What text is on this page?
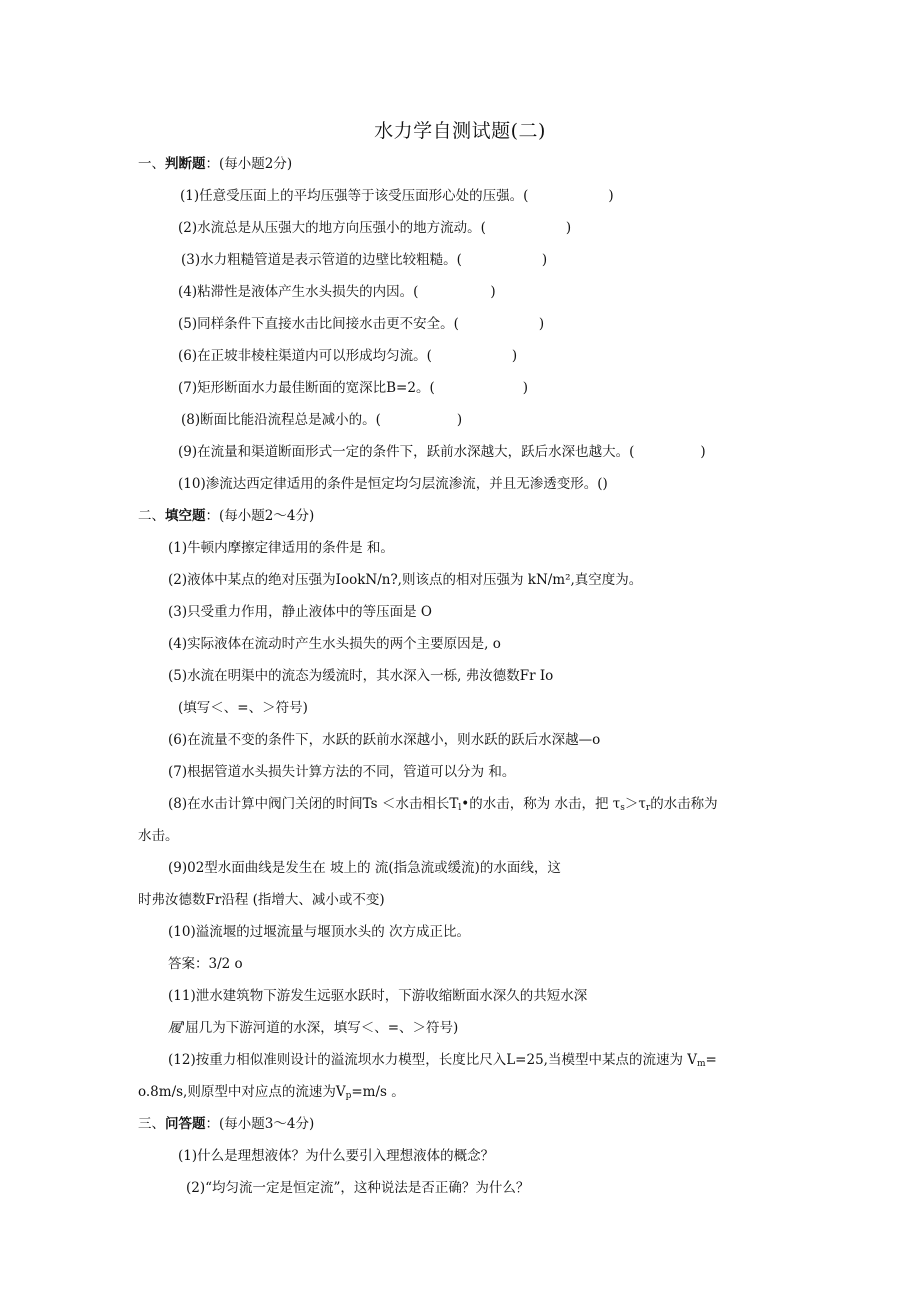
水力学自测试题(二)
一、判断题：(每小题2分)
(1)任意受压面上的平均压强等于该受压面形心处的压强。(	)
(2)水流总是从压强大的地方向压强小的地方流动。(	)
(3)水力粗糙管道是表示管道的边壁比较粗糙。(	)
(4)粘滞性是液体产生水头损失的内因。(	)
(5)同样条件下直接水击比间接水击更不安全。(	)
(6)在正坡非棱柱渠道内可以形成均匀流。(	)
(7)矩形断面水力最佳断面的宽深比B=2。(	)
(8)断面比能沿流程总是减小的。(	)
(9)在流量和渠道断面形式一定的条件下，跃前水深越大，跃后水深也越大。(	)
(10)渗流达西定律适用的条件是恒定均匀层流渗流，并且无渗透变形。()
二、填空题：(每小题2～4分)
(1)牛顿内摩擦定律适用的条件是 和。
(2)液体中某点的绝对压强为IookN/n?,则该点的相对压强为 kN/m²,真空度为。
(3)只受重力作用，静止液体中的等压面是 O
(4)实际液体在流动时产生水头损失的两个主要原因是, o
(5)水流在明渠中的流态为缓流时，其水深入一栎, 弗汝德数Fr Io
(填写＜、=、＞符号)
(6)在流量不变的条件下，水跃的跃前水深越小，则水跃的跃后水深越—o
(7)根据管道水头损失计算方法的不同，管道可以分为 和。
(8)在水击计算中阀门关闭的时间Ts ＜水击相长$T_l•$的水击，称为 水击，把 $\tau_s>\tau_r$的水击称为
水击。
(9)02型水面曲线是发生在 坡上的 流(指急流或缓流)的水面线，这
时弗汝德数Fr沿程 (指增大、减小或不变)
(10)溢流堰的过堰流量与堰顶水头的 次方成正比。
答案：3/2 o
(11)泄水建筑物下游发生远驱水跃时，下游收缩断面水深久的共短水深
履'屈几为下游河道的水深，填写＜、=、＞符号)
(12)按重力相似准则设计的溢流坝水力模型，长度比尺入L=25,当模型中某点的流速为 $V_m=$
o.8m/s,则原型中对应点的流速为$V_p=m/s$ 。
三、问答题：(每小题3～4分)
(1)什么是理想液体？为什么要引入理想液体的概念？
(2)“均匀流一定是恒定流”，这种说法是否正确？为什么？
